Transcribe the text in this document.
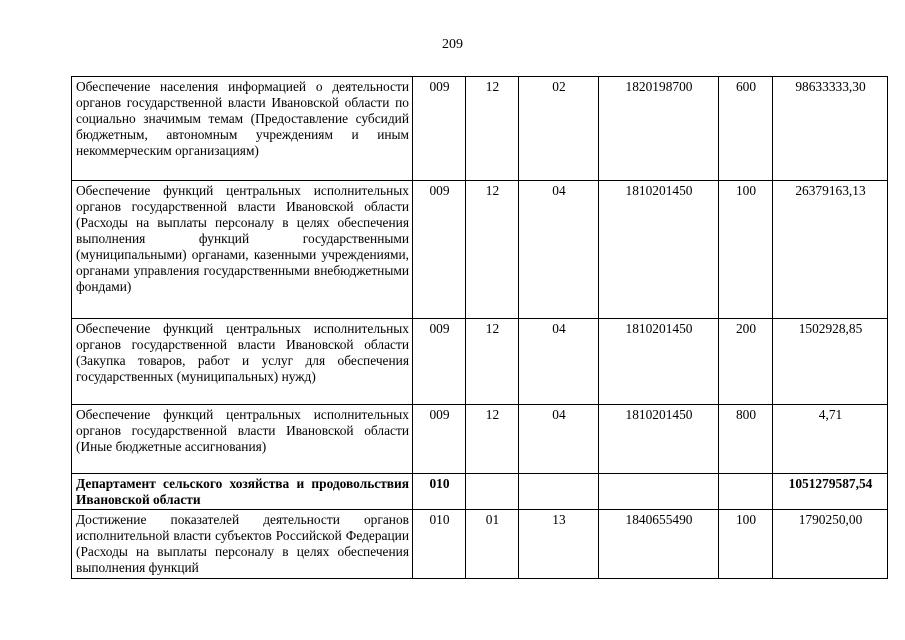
209
Обеспечение населения информацией о деятельности органов государственной власти Ивановской области по социально значимым темам (Предоставление субсидий бюджетным, автономным учреждениям и иным некоммерческим организациям)	009	12	02	1820198700	600	98633333,30
Обеспечение функций центральных исполнительных органов государственной власти Ивановской области (Расходы на выплаты персоналу в целях обеспечения выполнения функций государственными (муниципальными) органами, казенными учреждениями, органами управления государственными внебюджетными фондами)	009	12	04	1810201450	100	26379163,13
Обеспечение функций центральных исполнительных органов государственной власти Ивановской области (Закупка товаров, работ и услуг для обеспечения государственных (муниципальных) нужд)	009	12	04	1810201450	200	1502928,85
Обеспечение функций центральных исполнительных органов государственной власти Ивановской области (Иные бюджетные ассигнования)	009	12	04	1810201450	800	4,71
Департамент сельского хозяйства и продовольствия Ивановской области	010					1051279587,54
Достижение показателей деятельности органов исполнительной власти субъектов Российской Федерации (Расходы на выплаты персоналу в целях обеспечения выполнения функций	010	01	13	1840655490	100	1790250,00
